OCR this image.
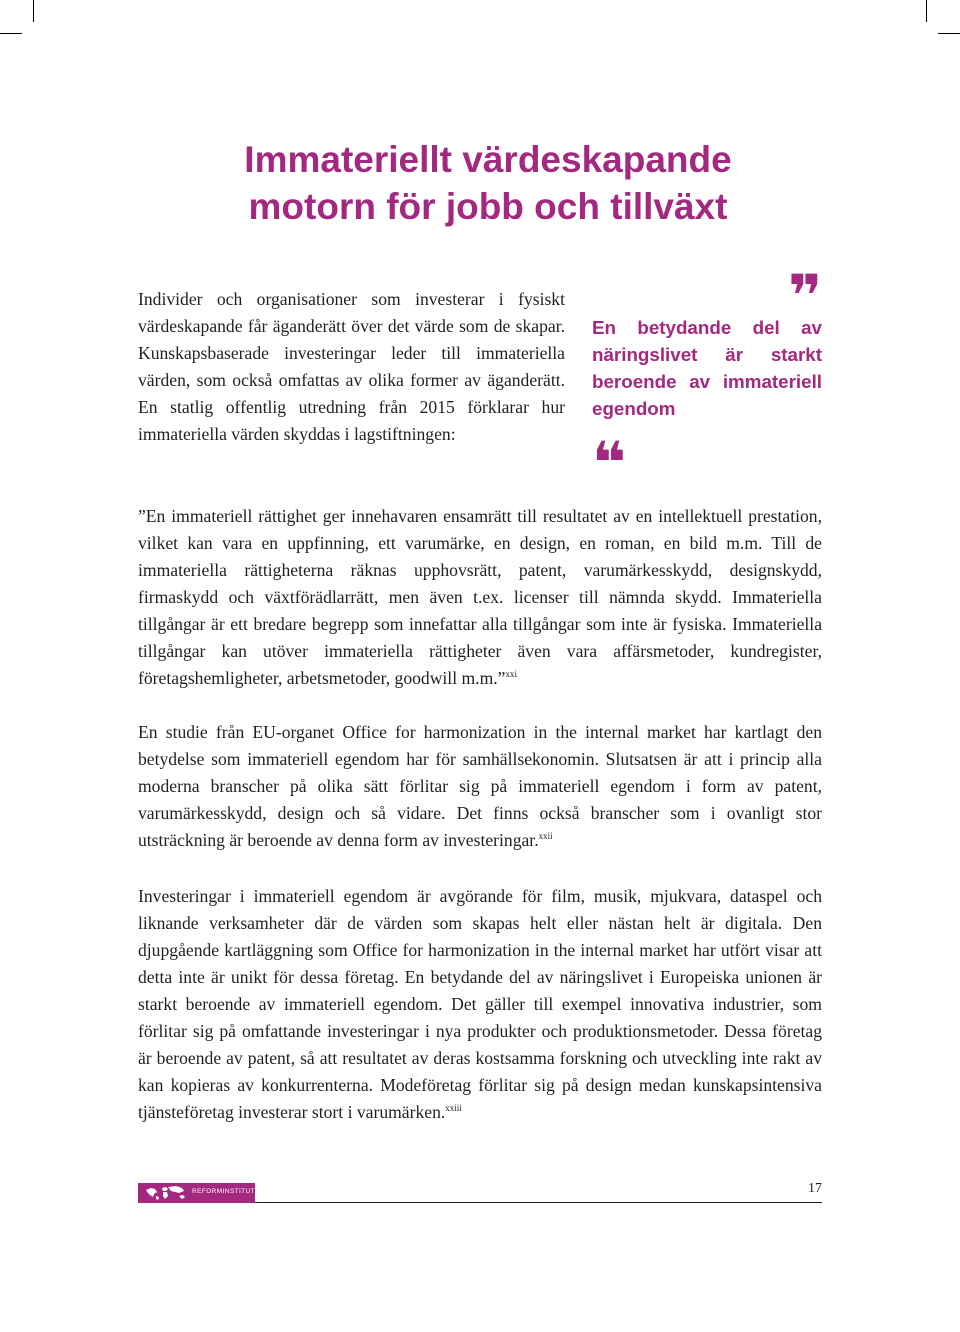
Immateriellt värdeskapande
motorn för jobb och tillväxt

Individer och organisationer som investerar i fysiskt värdeskapande får äganderätt över det värde som de skapar. Kunskapsbaserade investeringar leder till immateriella värden, som också omfattas av olika former av äganderätt. En statlig offentlig utredning från 2015 förklarar hur immateriella värden skyddas i lagstiftningen:

❞

En betydande del av näringslivet är starkt beroende av immateriell egendom

❝

”En immateriell rättighet ger innehavaren ensamrätt till resultatet av en intellektuell prestation, vilket kan vara en uppfinning, ett varumärke, en design, en roman, en bild m.m. Till de immateriella rättigheterna räknas upphovsrätt, patent, varumärkesskydd, designskydd, firmaskydd och växtförädlarrätt, men även t.ex. licenser till nämnda skydd. Immateriella tillgångar är ett bredare begrepp som innefattar alla tillgångar som inte är fysiska. Immateriella tillgångar kan utöver immateriella rättigheter även vara affärsmetoder, kundregister, företagshemligheter, arbetsmetoder, goodwill m.m.”$^{xxi}$

En studie från EU-organet Office for harmonization in the internal market har kartlagt den betydelse som immateriell egendom har för samhällsekonomin. Slutsatsen är att i princip alla moderna branscher på olika sätt förlitar sig på immateriell egendom i form av patent, varumärkesskydd, design och så vidare. Det finns också branscher som i ovanligt stor utsträckning är beroende av denna form av investeringar.$^{xxii}$

Investeringar i immateriell egendom är avgörande för film, musik, mjukvara, dataspel och liknande verksamheter där de värden som skapas helt eller nästan helt är digitala. Den djupgående kartläggning som Office for harmonization in the internal market har utfört visar att detta inte är unikt för dessa företag. En betydande del av näringslivet i Europeiska unionen är starkt beroende av immateriell egendom. Det gäller till exempel innovativa industrier, som förlitar sig på omfattande investeringar i nya produkter och produktionsmetoder. Dessa företag är beroende av patent, så att resultatet av deras kostsamma forskning och utveckling inte rakt av kan kopieras av konkurrenterna. Modeföretag förlitar sig på design medan kunskapsintensiva tjänsteföretag investerar stort i varumärken.$^{xxiii}$

REFORMINSTITUTET	17
